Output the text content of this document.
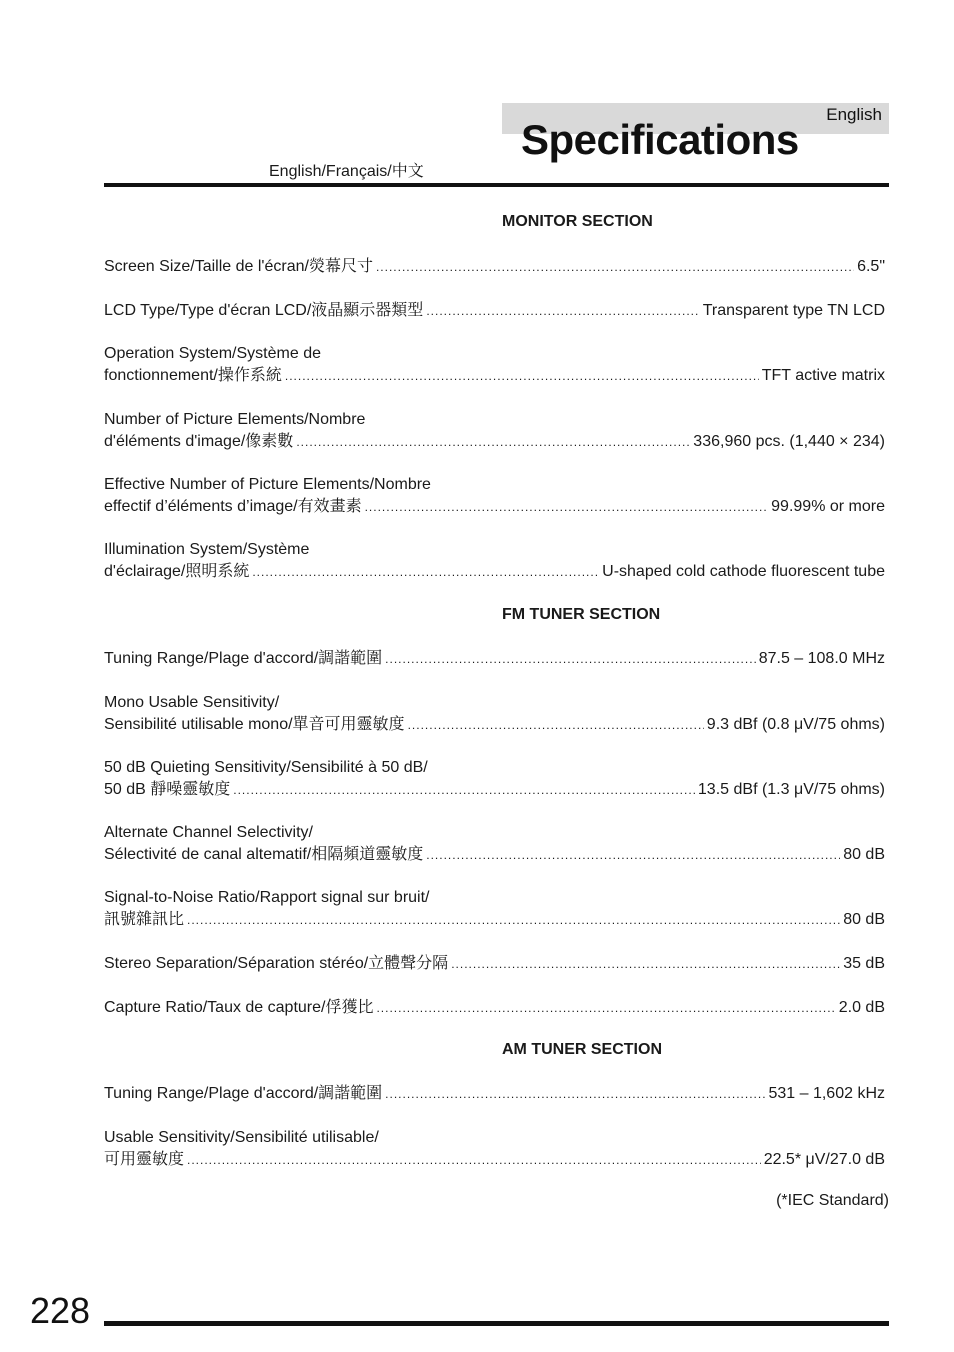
English
Specifications
English/Français/中文
MONITOR SECTION
Screen Size/Taille de l'écran/熒幕尺寸 .....	6.5"
LCD Type/Type d'écran LCD/液晶顯示器類型 .....	Transparent type TN LCD
Operation System/Système de
fonctionnement/操作系統 .....	TFT active matrix
Number of Picture Elements/Nombre
d'éléments d'image/像素數 .....	336,960 pcs. (1,440 × 234)
Effective Number of Picture Elements/Nombre
effectif d’éléments d’image/有效畫素 .....	99.99% or more
Illumination System/Système
d'éclairage/照明系統 .....	U-shaped cold cathode fluorescent tube
FM TUNER SECTION
Tuning Range/Plage d'accord/調諧範圍 .....	87.5 – 108.0 MHz
Mono Usable Sensitivity/
Sensibilité utilisable mono/單音可用靈敏度 .....	9.3 dBf (0.8 μV/75 ohms)
50 dB Quieting Sensitivity/Sensibilité à 50 dB/
50 dB 靜噪靈敏度 .....	13.5 dBf (1.3 μV/75 ohms)
Alternate Channel Selectivity/
Sélectivité de canal altematif/相隔頻道靈敏度 .....	80 dB
Signal-to-Noise Ratio/Rapport signal sur bruit/
訊號雜訊比 .....	80 dB
Stereo Separation/Séparation stéréo/立體聲分隔 .....	35 dB
Capture Ratio/Taux de capture/俘獲比 .....	2.0 dB
AM TUNER SECTION
Tuning Range/Plage d'accord/調諧範圍 .....	531 – 1,602 kHz
Usable Sensitivity/Sensibilité utilisable/
可用靈敏度 .....	22.5* μV/27.0 dB
(*IEC Standard)
228
